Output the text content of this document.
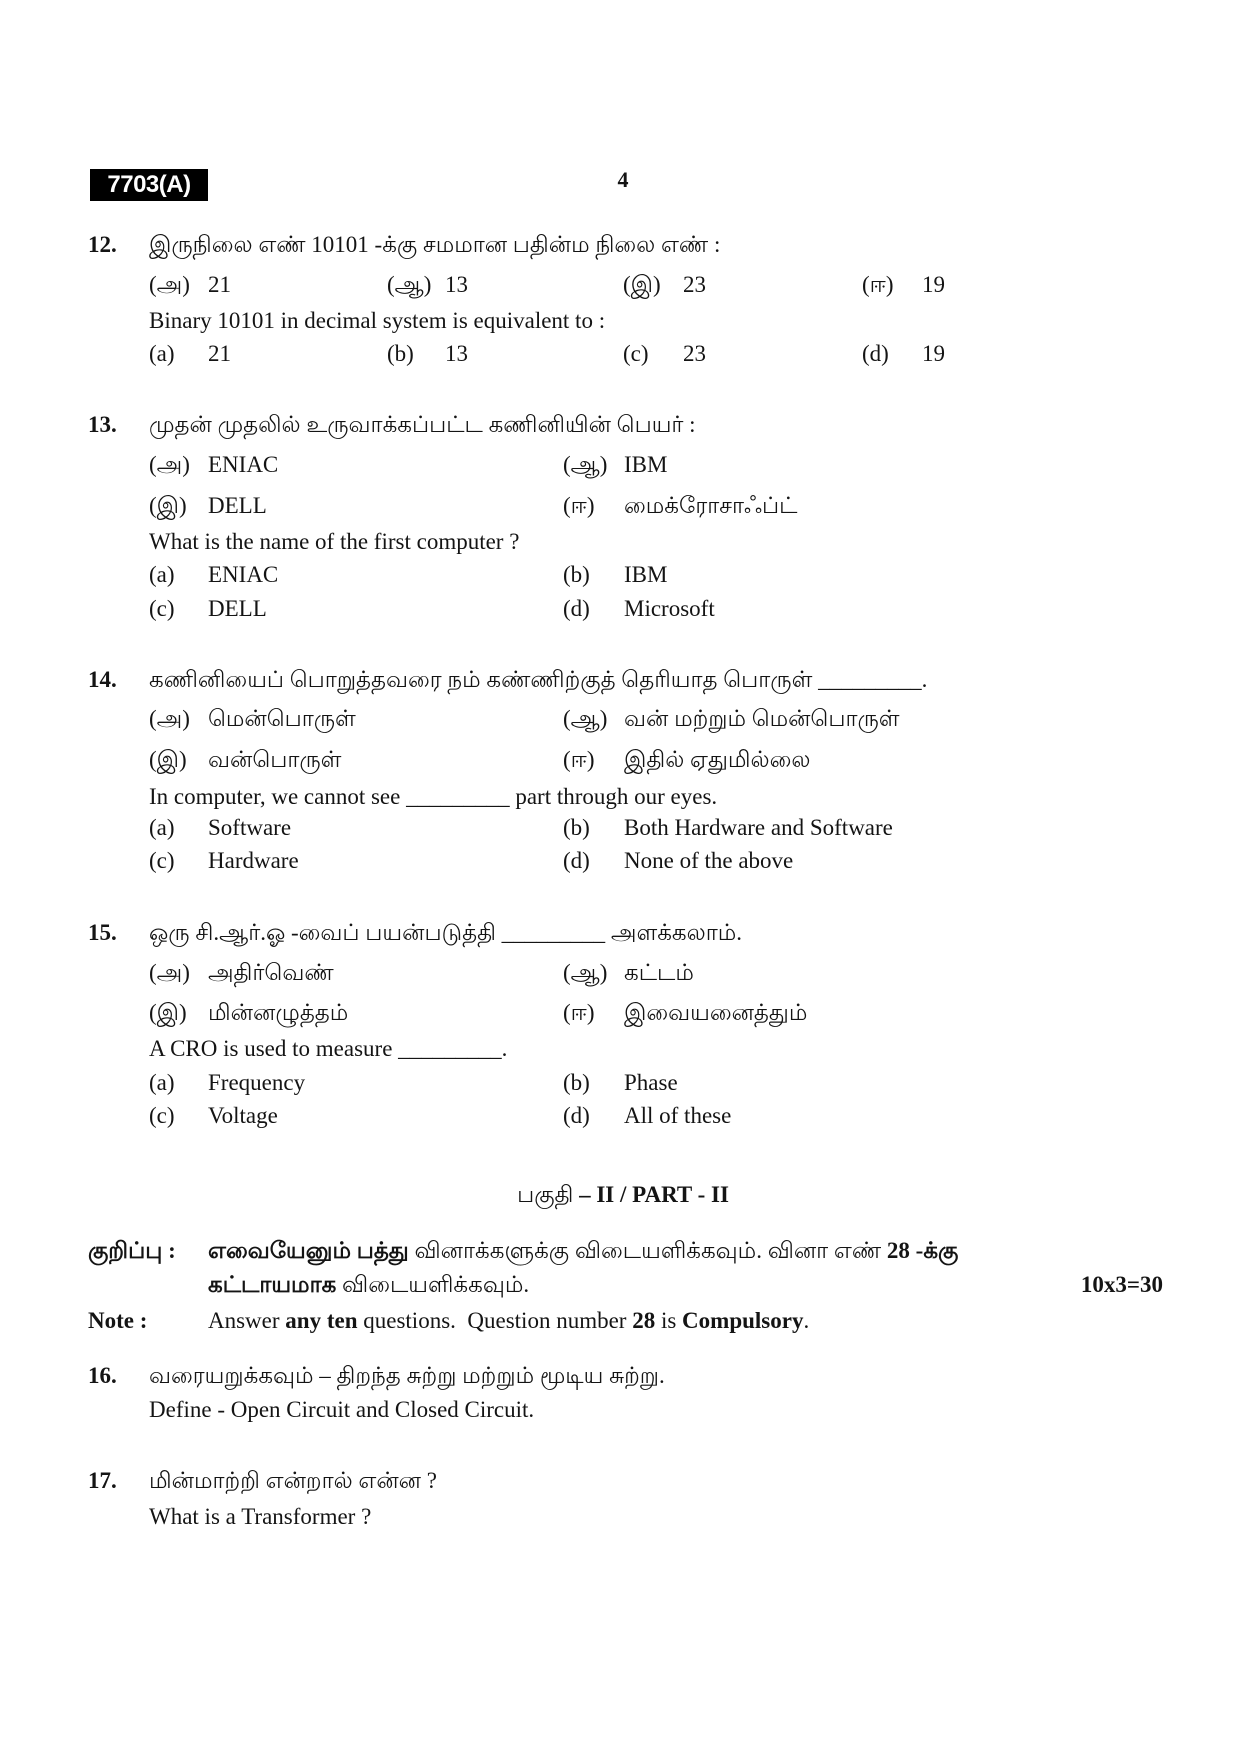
7703(A)	4
12. இருநிலை எண் 10101 -க்கு சமமான பதின்ம நிலை எண் :
(அ) 21	(ஆ) 13	(இ) 23	(ஈ) 19
Binary 10101 in decimal system is equivalent to :
(a) 21	(b) 13	(c) 23	(d) 19
13. முதன் முதலில் உருவாக்கப்பட்ட கணினியின் பெயர் :
(அ) ENIAC	(ஆ) IBM
(இ) DELL	(ஈ) மைக்ரோசாஃப்ட்
What is the name of the first computer ?
(a) ENIAC	(b) IBM
(c) DELL	(d) Microsoft
14. கணினியைப் பொறுத்தவரை நம் கண்ணிற்குத் தெரியாத பொருள் _________.
(அ) மென்பொருள்	(ஆ) வன் மற்றும் மென்பொருள்
(இ) வன்பொருள்	(ஈ) இதில் ஏதுமில்லை
In computer, we cannot see _________ part through our eyes.
(a) Software	(b) Both Hardware and Software
(c) Hardware	(d) None of the above
15. ஒரு சி.ஆர்.ஓ -வைப் பயன்படுத்தி _________ அளக்கலாம்.
(அ) அதிர்வெண்	(ஆ) கட்டம்
(இ) மின்னழுத்தம்	(ஈ) இவையனைத்தும்
A CRO is used to measure _________.
(a) Frequency	(b) Phase
(c) Voltage	(d) All of these
பகுதி – II / PART - II
குறிப்பு : எவையேனும் பத்து வினாக்களுக்கு விடையளிக்கவும். வினா எண் 28 -க்கு
கட்டாயமாக விடையளிக்கவும்.	10x3=30
Note :	Answer any ten questions.  Question number 28 is Compulsory.
16. வரையறுக்கவும் – திறந்த சுற்று மற்றும் மூடிய சுற்று.
Define - Open Circuit and Closed Circuit.
17. மின்மாற்றி என்றால் என்ன ?
What is a Transformer ?
